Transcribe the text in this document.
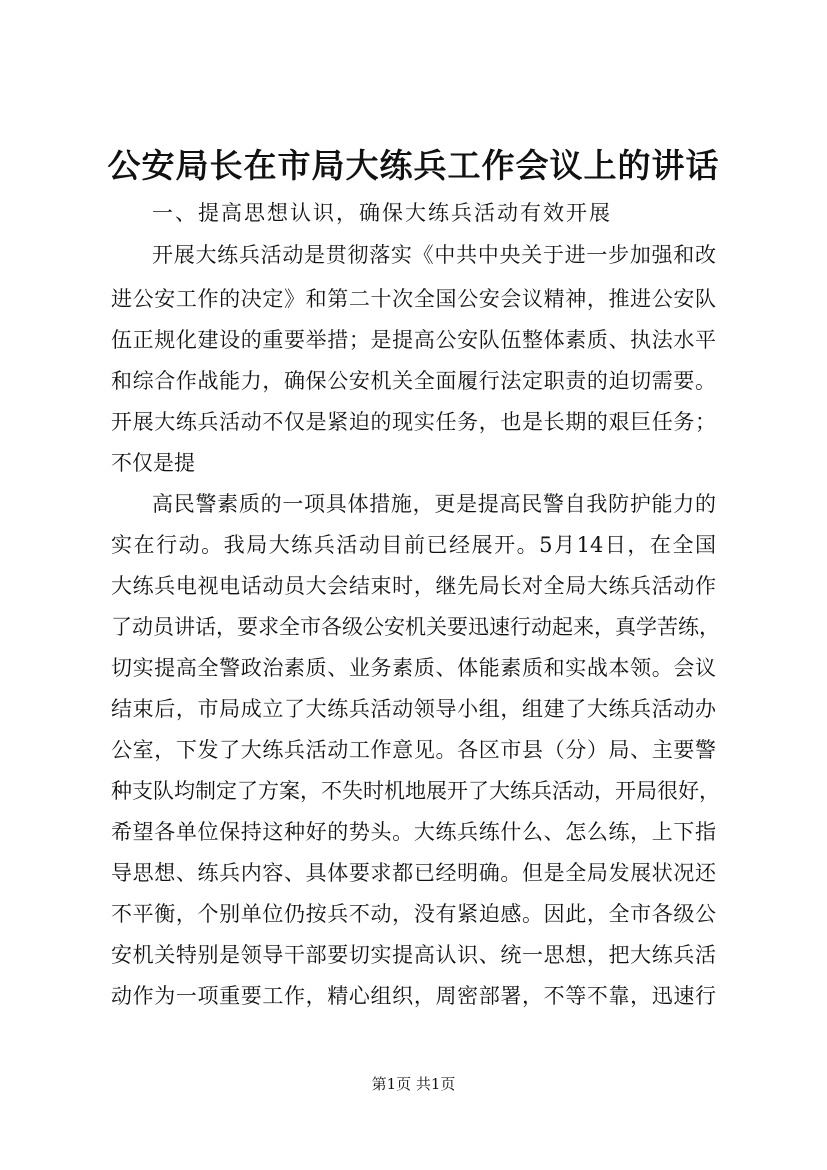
公安局长在市局大练兵工作会议上的讲话
一、提高思想认识，确保大练兵活动有效开展
开展大练兵活动是贯彻落实《中共中央关于进一步加强和改
进公安工作的决定》和第二十次全国公安会议精神，推进公安队
伍正规化建设的重要举措；是提高公安队伍整体素质、执法水平
和综合作战能力，确保公安机关全面履行法定职责的迫切需要。
开展大练兵活动不仅是紧迫的现实任务，也是长期的艰巨任务；
不仅是提
高民警素质的一项具体措施，更是提高民警自我防护能力的
实在行动。我局大练兵活动目前已经展开。5月14日，在全国
大练兵电视电话动员大会结束时，继先局长对全局大练兵活动作
了动员讲话，要求全市各级公安机关要迅速行动起来，真学苦练，
切实提高全警政治素质、业务素质、体能素质和实战本领。会议
结束后，市局成立了大练兵活动领导小组，组建了大练兵活动办
公室，下发了大练兵活动工作意见。各区市县（分）局、主要警
种支队均制定了方案，不失时机地展开了大练兵活动，开局很好，
希望各单位保持这种好的势头。大练兵练什么、怎么练，上下指
导思想、练兵内容、具体要求都已经明确。但是全局发展状况还
不平衡，个别单位仍按兵不动，没有紧迫感。因此，全市各级公
安机关特别是领导干部要切实提高认识、统一思想，把大练兵活
动作为一项重要工作，精心组织，周密部署，不等不靠，迅速行
第1页 共1页
